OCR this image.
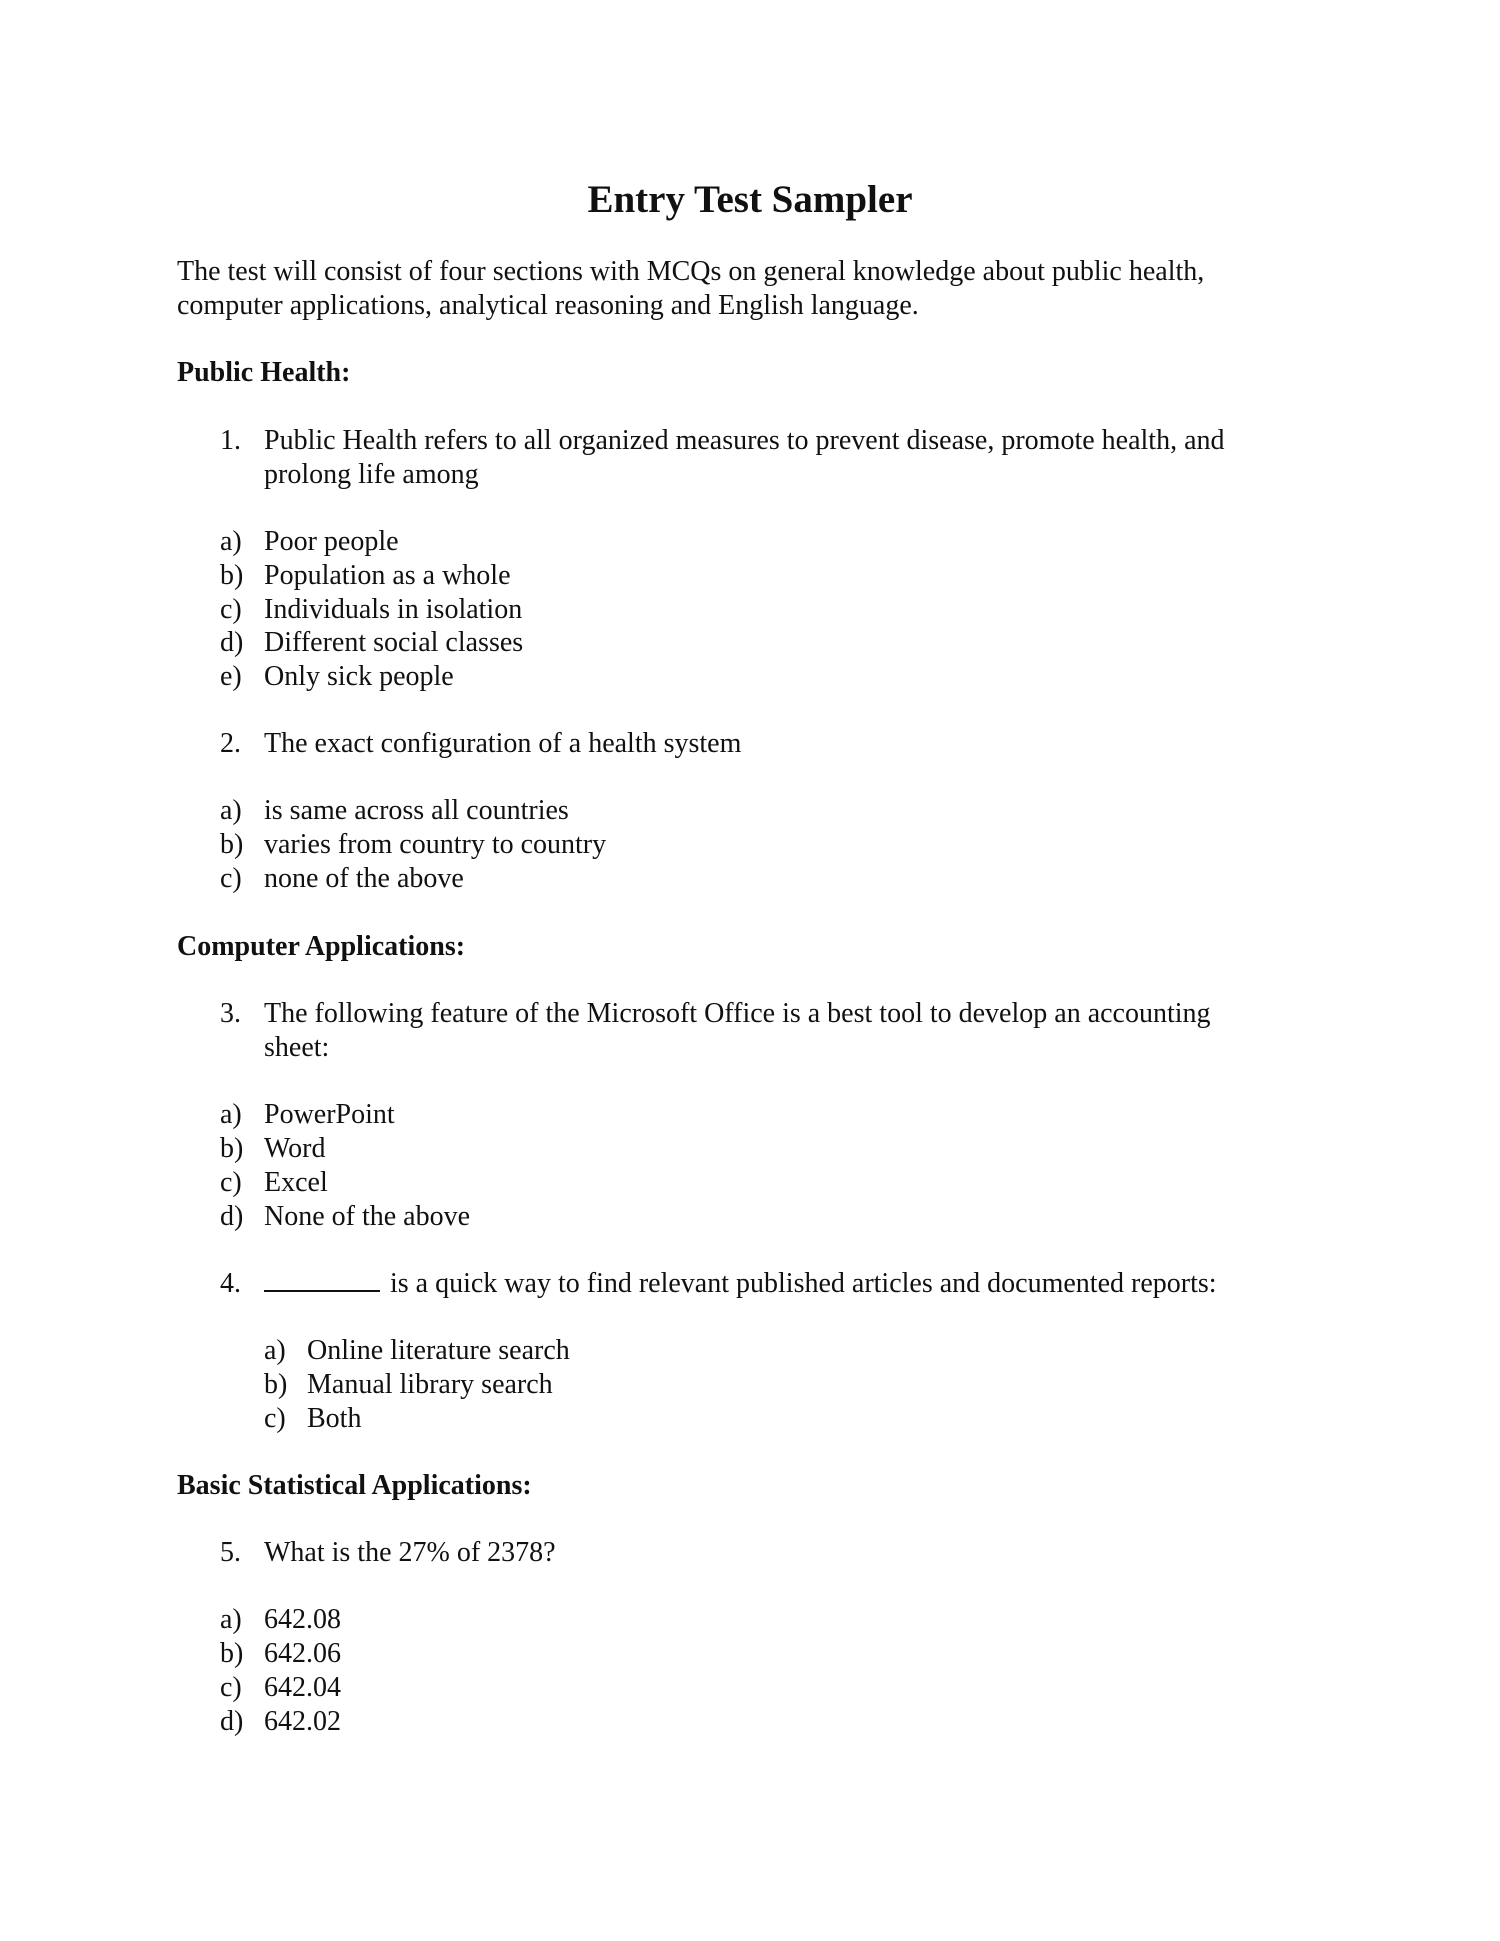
Entry Test Sampler
The test will consist of four sections with MCQs on general knowledge about public health,
computer applications, analytical reasoning and English language.
Public Health:
1. Public Health refers to all organized measures to prevent disease, promote health, and
prolong life among
a) Poor people
b) Population as a whole
c) Individuals in isolation
d) Different social classes
e) Only sick people
2. The exact configuration of a health system
a) is same across all countries
b) varies from country to country
c) none of the above
Computer Applications:
3. The following feature of the Microsoft Office is a best tool to develop an accounting
sheet:
a) PowerPoint
b) Word
c) Excel
d) None of the above
4.	is a quick way to find relevant published articles and documented reports:
a) Online literature search
b) Manual library search
c) Both
Basic Statistical Applications:
5. What is the 27% of 2378?
a) 642.08
b) 642.06
c) 642.04
d) 642.02
